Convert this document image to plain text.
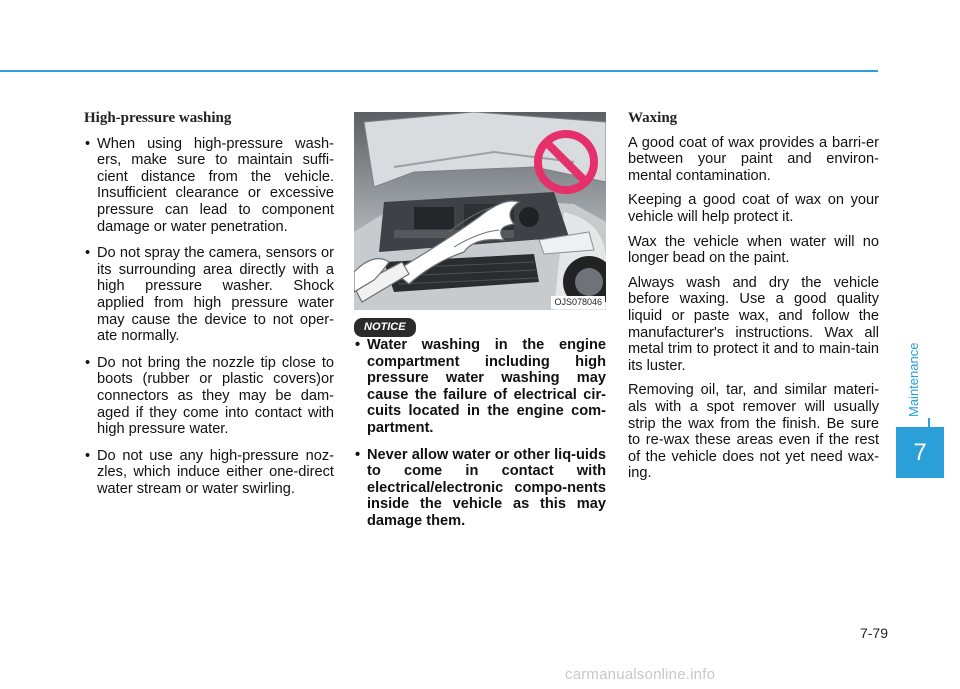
High-pressure washing
• When using high-pressure wash-ers, make sure to maintain suffi-cient distance from the vehicle. Insufficient clearance or excessive pressure can lead to component damage or water penetration.
• Do not spray the camera, sensors or its surrounding area directly with a high pressure washer. Shock applied from high pressure water may cause the device to not oper-ate normally.
• Do not bring the nozzle tip close to boots (rubber or plastic covers)or connectors as they may be dam-aged if they come into contact with high pressure water.
• Do not use any high-pressure noz-zles, which induce either one-direct water stream or water swirling.
OJS078046
NOTICE
• Water washing in the engine compartment including high pressure water washing may cause the failure of electrical cir-cuits located in the engine com-partment.
• Never allow water or other liq-uids to come in contact with electrical/electronic compo-nents inside the vehicle as this may damage them.
Waxing

A good coat of wax provides a barri-er between your paint and environ-mental contamination.

Keeping a good coat of wax on your vehicle will help protect it.

Wax the vehicle when water will no longer bead on the paint.

Always wash and dry the vehicle before waxing. Use a good quality liquid or paste wax, and follow the manufacturer's instructions. Wax all metal trim to protect it and to main-tain its luster.

Removing oil, tar, and similar materi-als with a spot remover will usually strip the wax from the finish. Be sure to re-wax these areas even if the rest of the vehicle does not yet need wax-ing.

Maintenance
7
7-79
carmanualsonline.info
